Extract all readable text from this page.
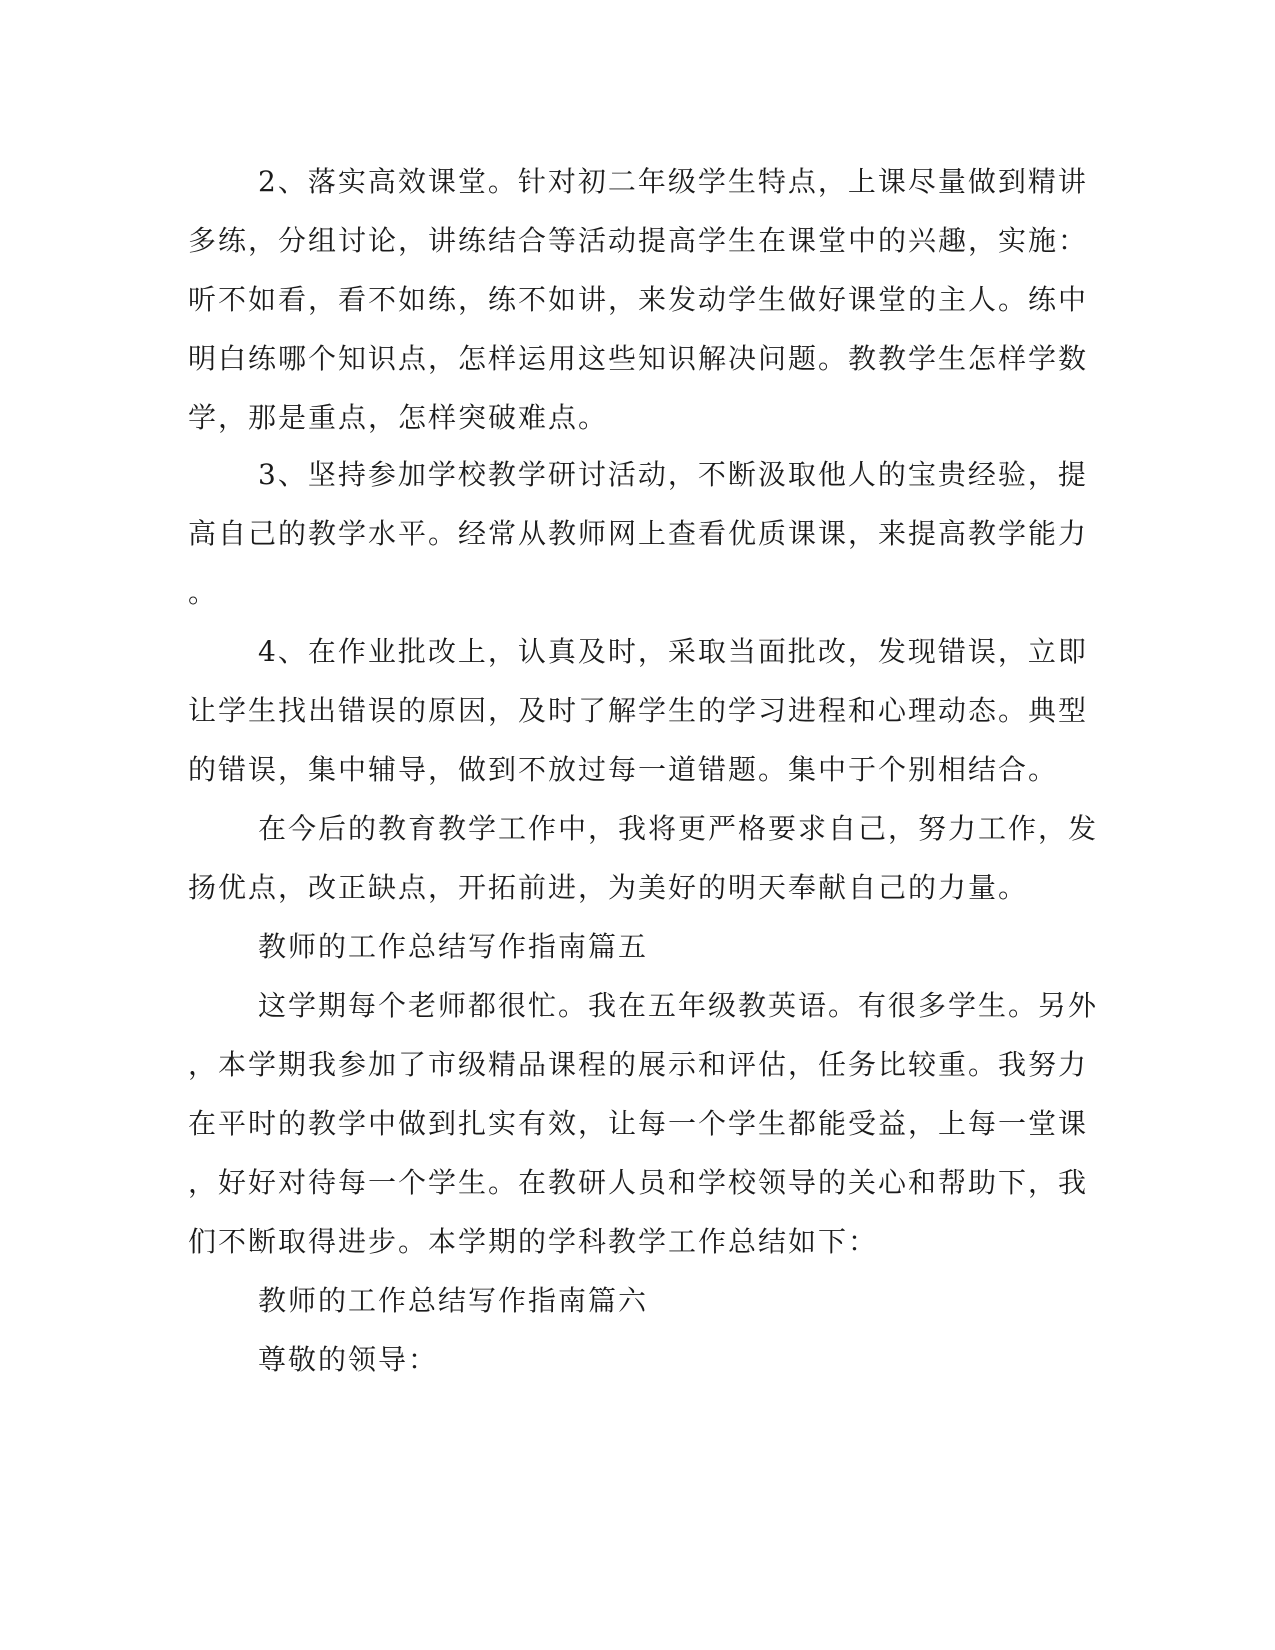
2、落实高效课堂。针对初二年级学生特点，上课尽量做到精讲
多练，分组讨论，讲练结合等活动提高学生在课堂中的兴趣，实施：
听不如看，看不如练，练不如讲，来发动学生做好课堂的主人。练中
明白练哪个知识点，怎样运用这些知识解决问题。教教学生怎样学数
学，那是重点，怎样突破难点。
3、坚持参加学校教学研讨活动，不断汲取他人的宝贵经验，提
高自己的教学水平。经常从教师网上查看优质课课，来提高教学能力
。
4、在作业批改上，认真及时，采取当面批改，发现错误，立即
让学生找出错误的原因，及时了解学生的学习进程和心理动态。典型
的错误，集中辅导，做到不放过每一道错题。集中于个别相结合。
在今后的教育教学工作中，我将更严格要求自己，努力工作，发
扬优点，改正缺点，开拓前进，为美好的明天奉献自己的力量。
教师的工作总结写作指南篇五
这学期每个老师都很忙。我在五年级教英语。有很多学生。另外
，本学期我参加了市级精品课程的展示和评估，任务比较重。我努力
在平时的教学中做到扎实有效，让每一个学生都能受益，上每一堂课
，好好对待每一个学生。在教研人员和学校领导的关心和帮助下，我
们不断取得进步。本学期的学科教学工作总结如下：
教师的工作总结写作指南篇六
尊敬的领导：
